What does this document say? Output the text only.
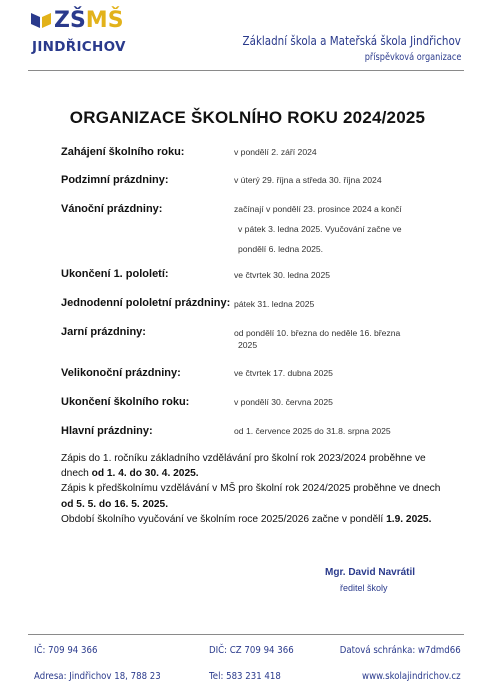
ZŠMŠ
JINDŘICHOV	Základní škola a Mateřská škola Jindřichov
příspěvková organizace
ORGANIZACE ŠKOLNÍHO ROKU 2024/2025
Zahájení školního roku:	v pondělí 2. září 2024
Podzimní prázdniny:	v úterý 29. října a středa 30. října 2024
Vánoční prázdniny:	začínají v pondělí 23. prosince 2024 a končí
v pátek 3. ledna 2025. Vyučování začne ve
pondělí 6. ledna 2025.
Ukončení 1. pololetí:	ve čtvrtek 30. ledna 2025
Jednodenní pololetní prázdniny: pátek 31. ledna 2025
Jarní prázdniny:	od pondělí 10. března do neděle 16. března
2025
Velikonoční prázdniny:	ve čtvrtek 17. dubna 2025
Ukončení školního roku:	v pondělí 30. června 2025
Hlavní prázdniny:	od 1. července 2025 do 31.8. srpna 2025

Zápis do 1. ročníku základního vzdělávání pro školní rok 2023/2024 proběhne ve dnech od 1. 4. do 30. 4. 2025.

Zápis k předškolnímu vzdělávání v MŠ pro školní rok 2024/2025 proběhne ve dnech od 5. 5. do 16. 5. 2025.

Období školního vyučování ve školním roce 2025/2026 začne v pondělí 1.9. 2025.

Mgr. David Navrátil
ředitel školy
IČ: 709 94 366	DIČ: CZ 709 94 366	Datová schránka: w7dmd66
Adresa: Jindřichov 18, 788 23	Tel: 583 231 418	www.skolajindrichov.cz
